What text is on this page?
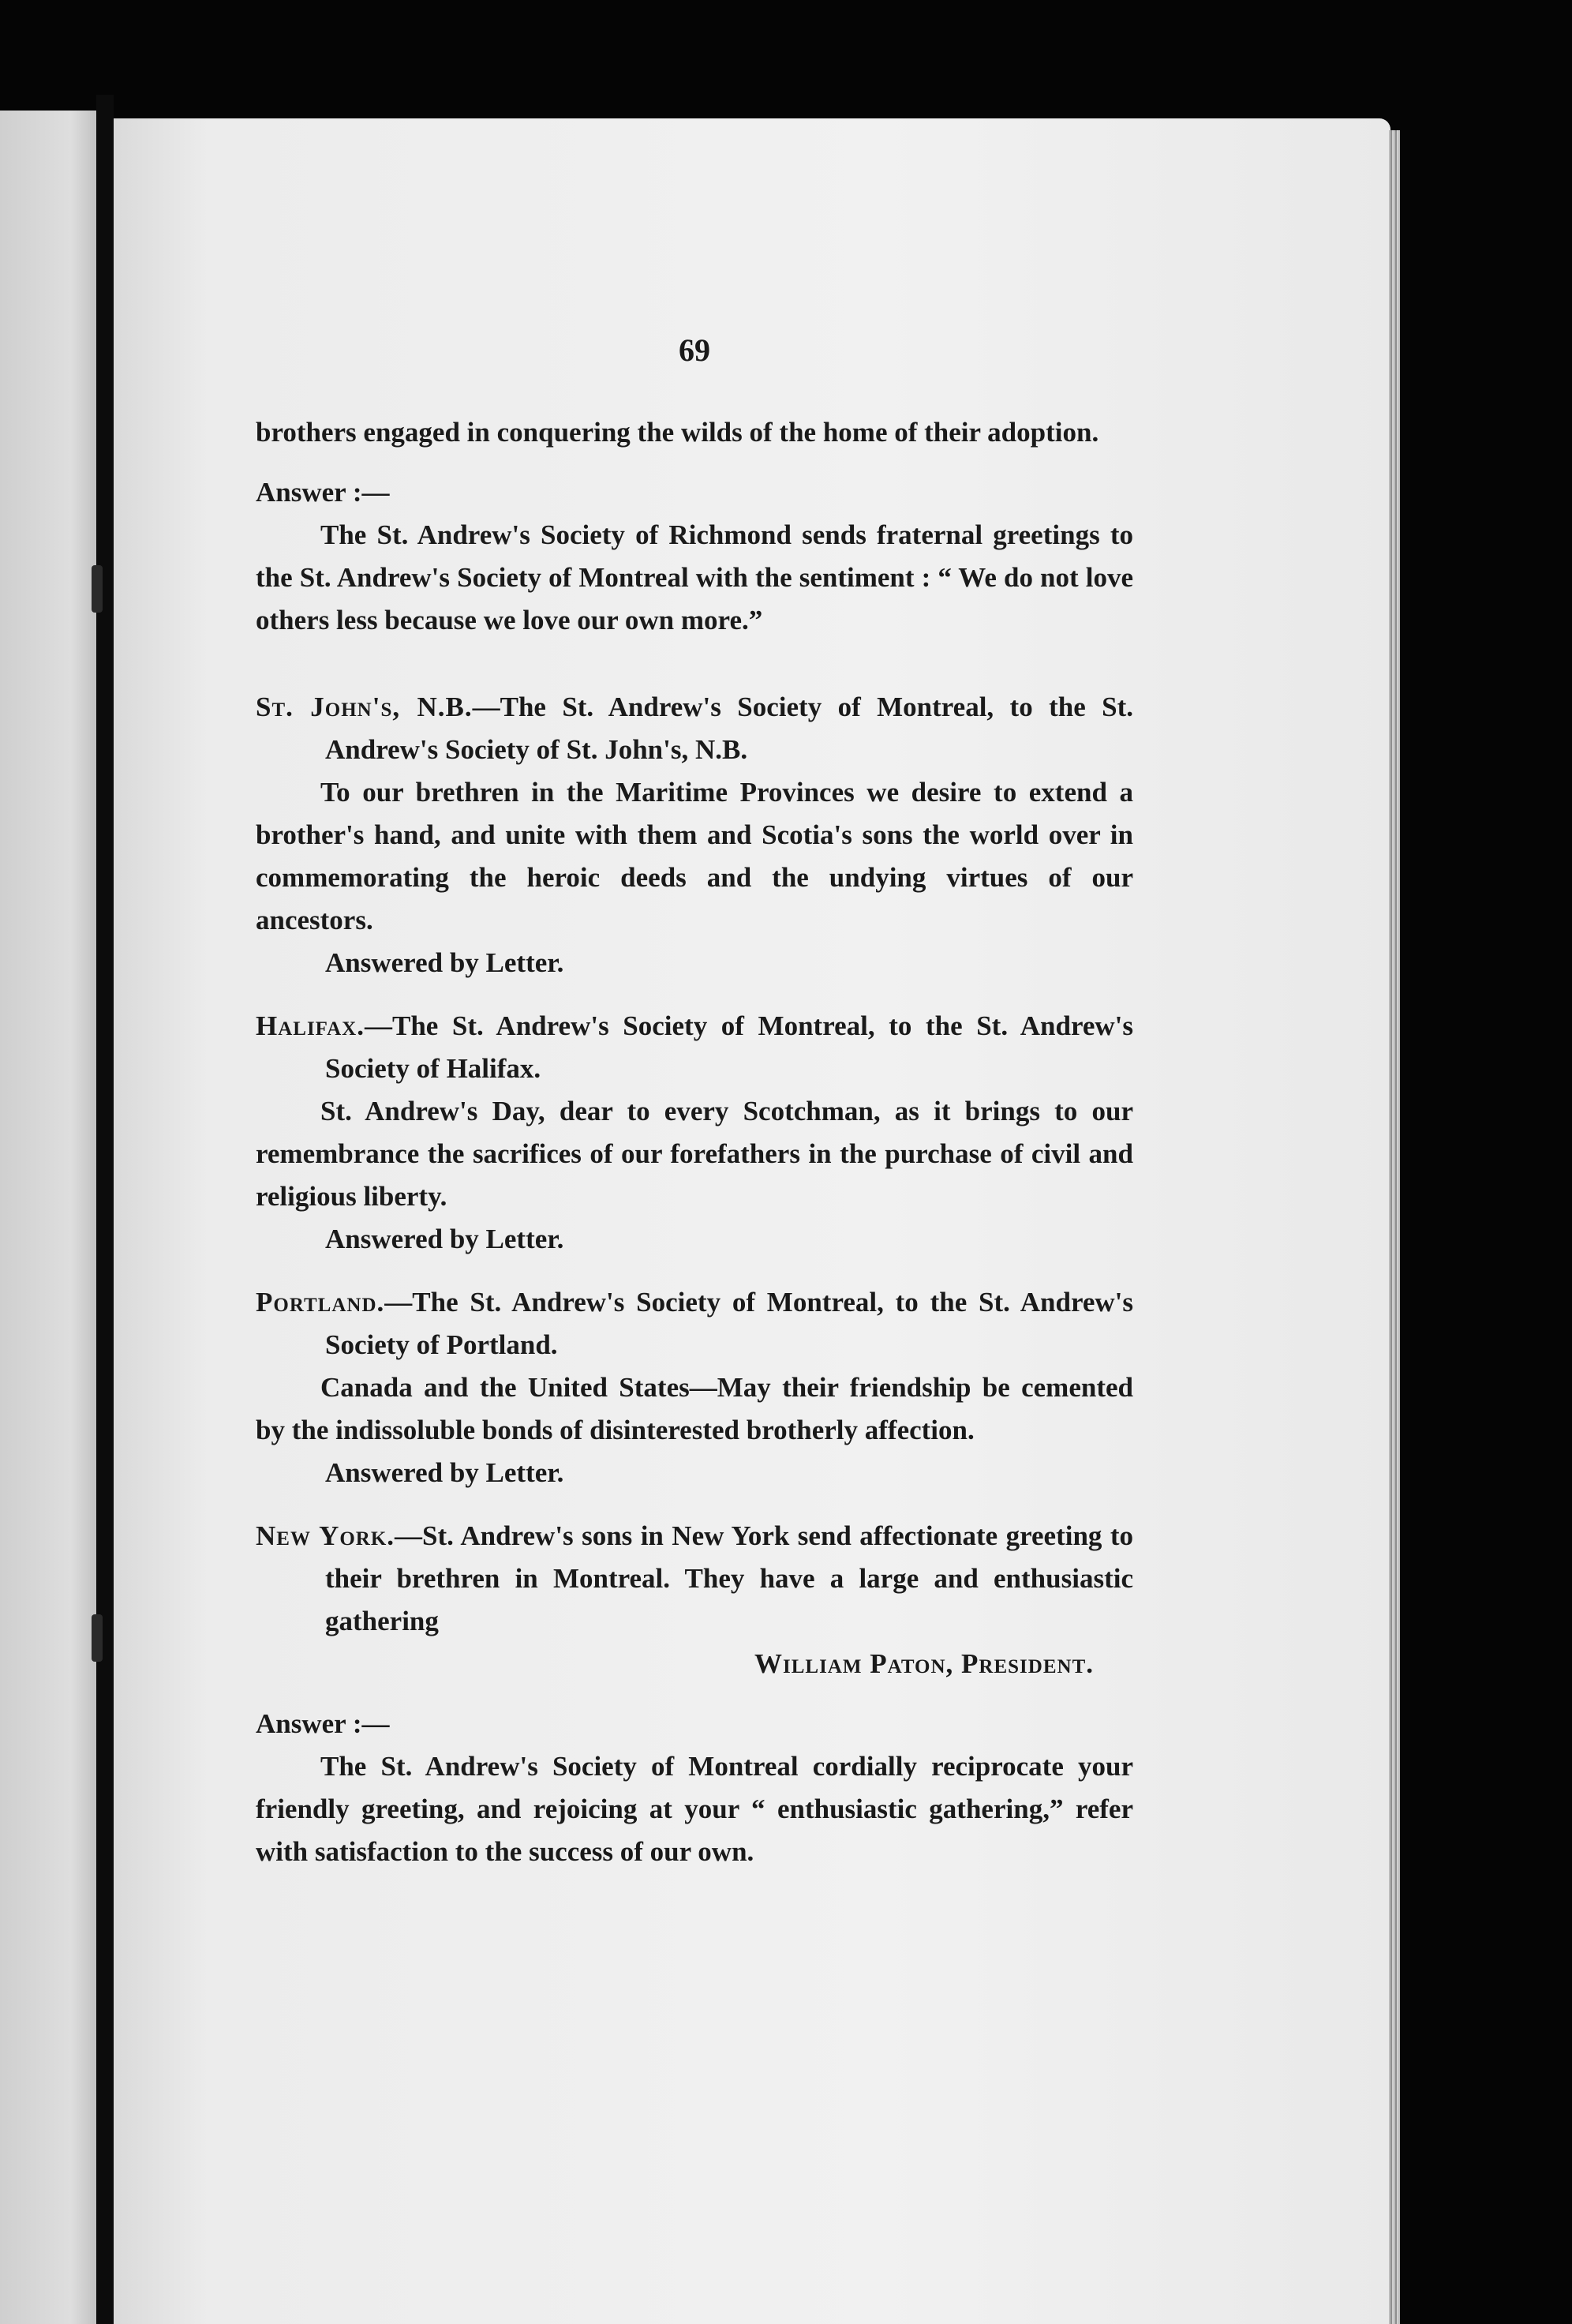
69

brothers engaged in conquering the wilds of the home of their adoption.

Answer :—

The St. Andrew's Society of Richmond sends fraternal greetings to the St. Andrew's Society of Montreal with the sentiment : “ We do not love others less because we love our own more.”

St. John's, N.B.—The St. Andrew's Society of Montreal, to the St. Andrew's Society of St. John's, N.B.

To our brethren in the Maritime Provinces we desire to extend a brother's hand, and unite with them and Scotia's sons the world over in commemorating the heroic deeds and the undying virtues of our ancestors.

Answered by Letter.

Halifax.—The St. Andrew's Society of Montreal, to the St. Andrew's Society of Halifax.

St. Andrew's Day, dear to every Scotchman, as it brings to our remembrance the sacrifices of our forefathers in the purchase of civil and religious liberty.

Answered by Letter.

Portland.—The St. Andrew's Society of Montreal, to the St. Andrew's Society of Portland.

Canada and the United States—May their friendship be cemented by the indissoluble bonds of disinterested brotherly affection.

Answered by Letter.

New York.—St. Andrew's sons in New York send affectionate greeting to their brethren in Montreal. They have a large and enthusiastic gathering

William Paton, President.

Answer :—

The St. Andrew's Society of Montreal cordially reciprocate your friendly greeting, and rejoicing at your “ enthusiastic gathering,” refer with satisfaction to the success of our own.
